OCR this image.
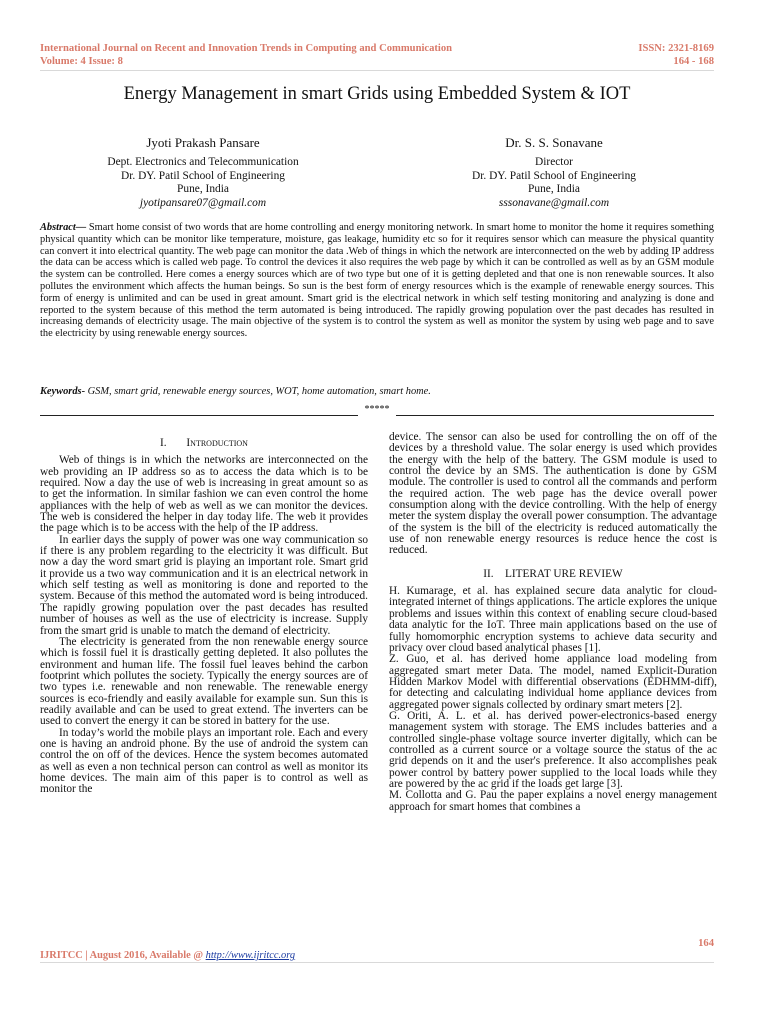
International Journal on Recent and Innovation Trends in Computing and Communication	ISSN: 2321-8169
Volume: 4 Issue: 8	164 - 168
Energy Management in smart Grids using Embedded System & IOT
Jyoti Prakash Pansare
Dept. Electronics and Telecommunication
Dr. DY. Patil School of Engineering
Pune, India
jyotipansare07@gmail.com
Dr. S. S. Sonavane
Director
Dr. DY. Patil School of Engineering
Pune, India
sssonavane@gmail.com
Abstract— Smart home consist of two words that are home controlling and energy monitoring network. In smart home to monitor the home it requires something physical quantity which can be monitor like temperature, moisture, gas leakage, humidity etc so for it requires sensor which can measure the physical quantity can convert it into electrical quantity. The web page can monitor the data .Web of things in which the network are interconnected on the web by adding IP address the data can be access which is called web page. To control the devices it also requires the web page by which it can be controlled as well as by an GSM module the system can be controlled. Here comes a energy sources which are of two type but one of it is getting depleted and that one is non renewable sources. It also pollutes the environment which affects the human beings. So sun is the best form of energy resources which is the example of renewable energy sources. This form of energy is unlimited and can be used in great amount. Smart grid is the electrical network in which self testing monitoring and analyzing is done and reported to the system because of this method the term automated is being introduced. The rapidly growing population over the past decades has resulted in increasing demands of electricity usage. The main objective of the system is to control the system as well as monitor the system by using web page and to save the electricity by using renewable energy sources.
Keywords- GSM, smart grid, renewable energy sources, WOT, home automation, smart home.
*****
I. Introduction

Web of things is in which the networks are interconnected on the web providing an IP address so as to access the data which is to be required. Now a day the use of web is increasing in great amount so as to get the information. In similar fashion we can even control the home appliances with the help of web as well as we can monitor the devices. The web is considered the helper in day today life. The web it provides the page which is to be access with the help of the IP address.

In earlier days the supply of power was one way communication so if there is any problem regarding to the electricity it was difficult. But now a day the word smart grid is playing an important role. Smart grid it provide us a two way communication and it is an electrical network in which self testing as well as monitoring is done and reported to the system. Because of this method the automated word is being introduced. The rapidly growing population over the past decades has resulted number of houses as well as the use of electricity is increase. Supply from the smart grid is unable to match the demand of electricity.

The electricity is generated from the non renewable energy source which is fossil fuel it is drastically getting depleted. It also pollutes the environment and human life. The fossil fuel leaves behind the carbon footprint which pollutes the society. Typically the energy sources are of two types i.e. renewable and non renewable. The renewable energy sources is eco-friendly and easily available for example sun. Sun this is readily available and can be used to great extend. The inverters can be used to convert the energy it can be stored in battery for the use.

In today’s world the mobile plays an important role. Each and every one is having an android phone. By the use of android the system can control the on off of the devices. Hence the system becomes automated as well as even a non technical person can control as well as monitor its home devices. The main aim of this paper is to control as well as monitor the

device. The sensor can also be used for controlling the on off of the devices by a threshold value. The solar energy is used which provides the energy with the help of the battery. The GSM module is used to control the device by an SMS. The authentication is done by GSM module. The controller is used to control all the commands and perform the required action. The web page has the device overall power consumption along with the device controlling. With the help of energy meter the system display the overall power consumption. The advantage of the system is the bill of the electricity is reduced automatically the use of non renewable energy resources is reduce hence the cost is reduced.

II. LITERAT URE REVIEW

H. Kumarage, et al. has explained secure data analytic for cloud-integrated internet of things applications. The article explores the unique problems and issues within this context of enabling secure cloud-based data analytic for the IoT. Three main applications based on the use of fully homomorphic encryption systems to achieve data security and privacy over cloud based analytical phases [1].

Z. Guo, et al. has derived home appliance load modeling from aggregated smart meter Data. The model, named Explicit-Duration Hidden Markov Model with differential observations (EDHMM-diff), for detecting and calculating individual home appliance devices from aggregated power signals collected by ordinary smart meters [2].

G. Oriti, A. L. et al. has derived power-electronics-based energy management system with storage. The EMS includes batteries and a controlled single-phase voltage source inverter digitally, which can be controlled as a current source or a voltage source the status of the ac grid depends on it and the user's preference. It also accomplishes peak power control by battery power supplied to the local loads while they are powered by the ac grid if the loads get large [3].

M. Collotta and G. Pau the paper explains a novel energy management approach for smart homes that combines a

164
IJRITCC | August 2016, Available @ http://www.ijritcc.org
